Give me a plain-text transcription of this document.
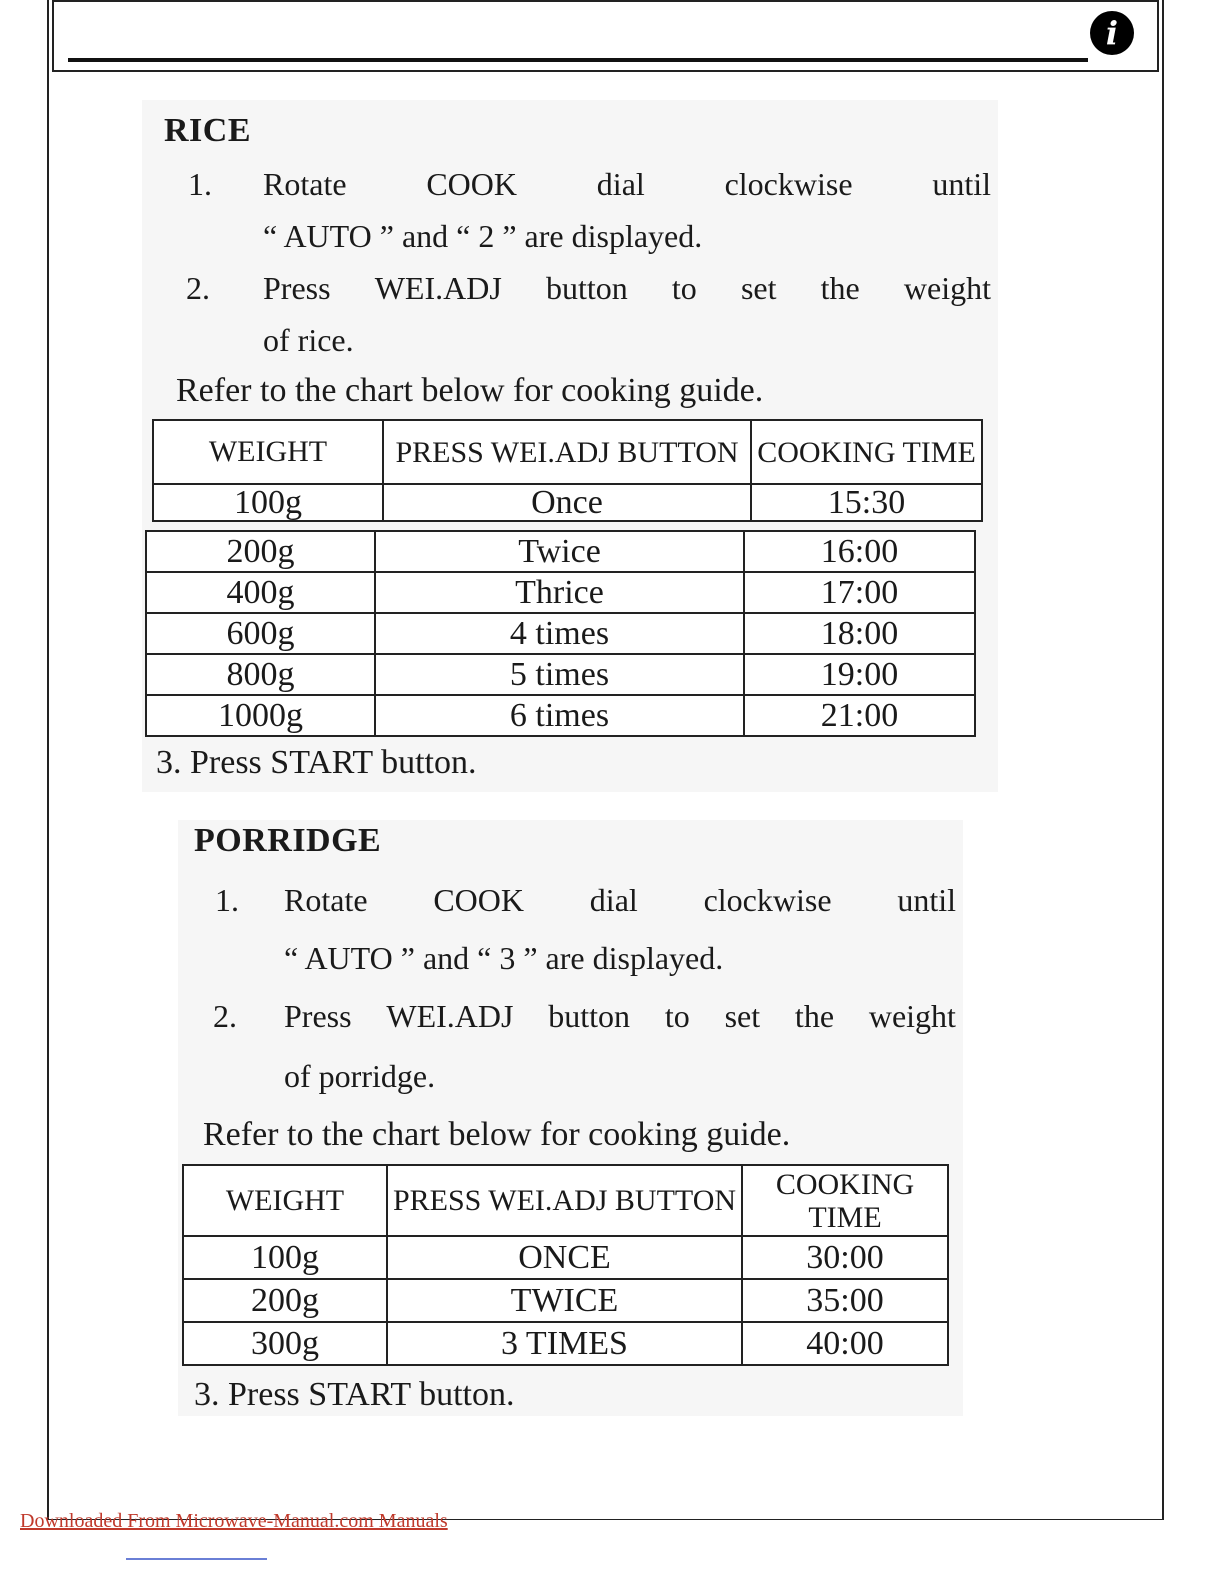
i
RICE
1. Rotate COOK dial clockwise until
“ AUTO ” and “ 2 ” are displayed.
2. Press WEI.ADJ button to set the weight
of rice.
Refer to the chart below for cooking guide.
3. Press START button.
WEIGHT	PRESS WEI.ADJ BUTTON	COOKING TIME
100g	Once	15:30
200g	Twice	16:00
400g	Thrice	17:00
600g	4 times	18:00
800g	5 times	19:00
1000g	6 times	21:00
PORRIDGE
1. Rotate COOK dial clockwise until
“ AUTO ” and “ 3 ” are displayed.
2. Press WEI.ADJ button to set the weight
of porridge.
Refer to the chart below for cooking guide.
3. Press START button.
WEIGHT	PRESS WEI.ADJ BUTTON	COOKING TIME
100g	ONCE	30:00
200g	TWICE	35:00
300g	3 TIMES	40:00
Downloaded From Microwave-Manual.com Manuals
